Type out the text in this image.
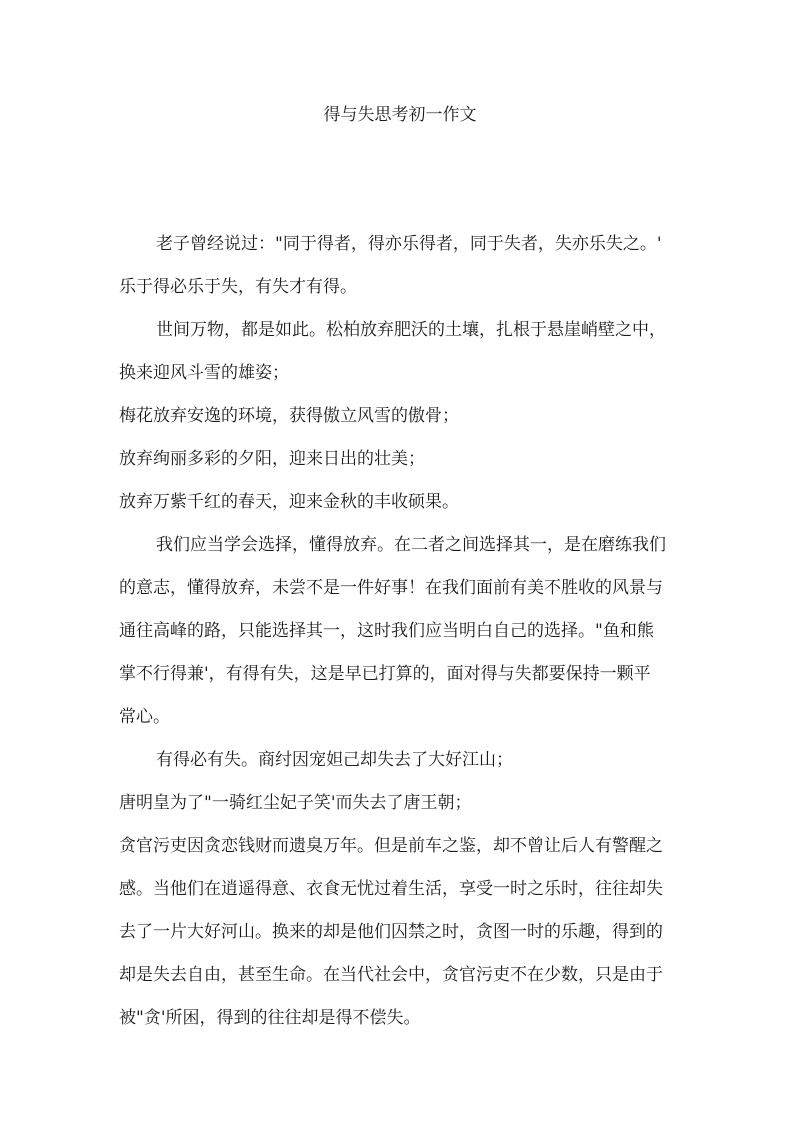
得与失思考初一作文
老子曾经说过："同于得者，得亦乐得者，同于失者，失亦乐失之。'
乐于得必乐于失，有失才有得。
世间万物，都是如此。松柏放弃肥沃的土壤，扎根于悬崖峭壁之中，
换来迎风斗雪的雄姿；
梅花放弃安逸的环境，获得傲立风雪的傲骨；
放弃绚丽多彩的夕阳，迎来日出的壮美；
放弃万紫千红的春天，迎来金秋的丰收硕果。
我们应当学会选择，懂得放弃。在二者之间选择其一，是在磨练我们
的意志，懂得放弃，未尝不是一件好事！在我们面前有美不胜收的风景与
通往高峰的路，只能选择其一，这时我们应当明白自己的选择。"鱼和熊
掌不行得兼'，有得有失，这是早已打算的，面对得与失都要保持一颗平
常心。
有得必有失。商纣因宠妲己却失去了大好江山；
唐明皇为了"一骑红尘妃子笑'而失去了唐王朝；
贪官污吏因贪恋钱财而遗臭万年。但是前车之鉴，却不曾让后人有警醒之
感。当他们在逍遥得意、衣食无忧过着生活，享受一时之乐时，往往却失
去了一片大好河山。换来的却是他们囚禁之时，贪图一时的乐趣，得到的
却是失去自由，甚至生命。在当代社会中，贪官污吏不在少数，只是由于
被"贪'所困，得到的往往却是得不偿失。
